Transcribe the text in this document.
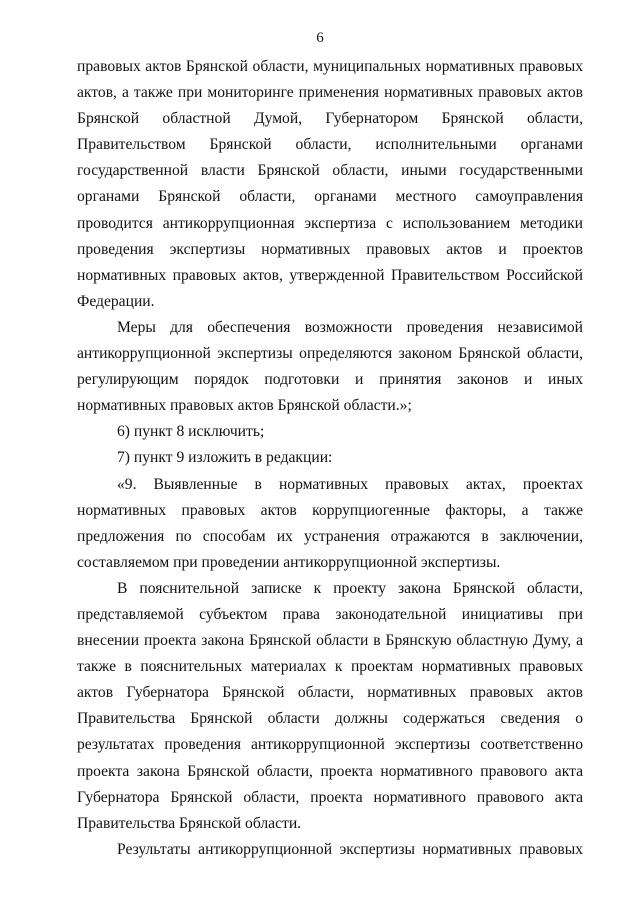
6

правовых актов Брянской области, муниципальных нормативных правовых актов, а также при мониторинге применения нормативных правовых актов Брянской областной Думой, Губернатором Брянской области, Правительством Брянской области, исполнительными органами государственной власти Брянской области, иными государственными органами Брянской области, органами местного самоуправления проводится антикоррупционная экспертиза с использованием методики проведения экспертизы нормативных правовых актов и проектов нормативных правовых актов, утвержденной Правительством Российской Федерации.

Меры для обеспечения возможности проведения независимой антикоррупционной экспертизы определяются законом Брянской области, регулирующим порядок подготовки и принятия законов и иных нормативных правовых актов Брянской области.»;

6) пункт 8 исключить;

7) пункт 9 изложить в редакции:

«9. Выявленные в нормативных правовых актах, проектах нормативных правовых актов коррупциогенные факторы, а также предложения по способам их устранения отражаются в заключении, составляемом при проведении антикоррупционной экспертизы.

В пояснительной записке к проекту закона Брянской области, представляемой субъектом права законодательной инициативы при внесении проекта закона Брянской области в Брянскую областную Думу, а также в пояснительных материалах к проектам нормативных правовых актов Губернатора Брянской области, нормативных правовых актов Правительства Брянской области должны содержаться сведения о результатах проведения антикоррупционной экспертизы соответственно проекта закона Брянской области, проекта нормативного правового акта Губернатора Брянской области, проекта нормативного правового акта Правительства Брянской области.

Результаты антикоррупционной экспертизы нормативных правовых
